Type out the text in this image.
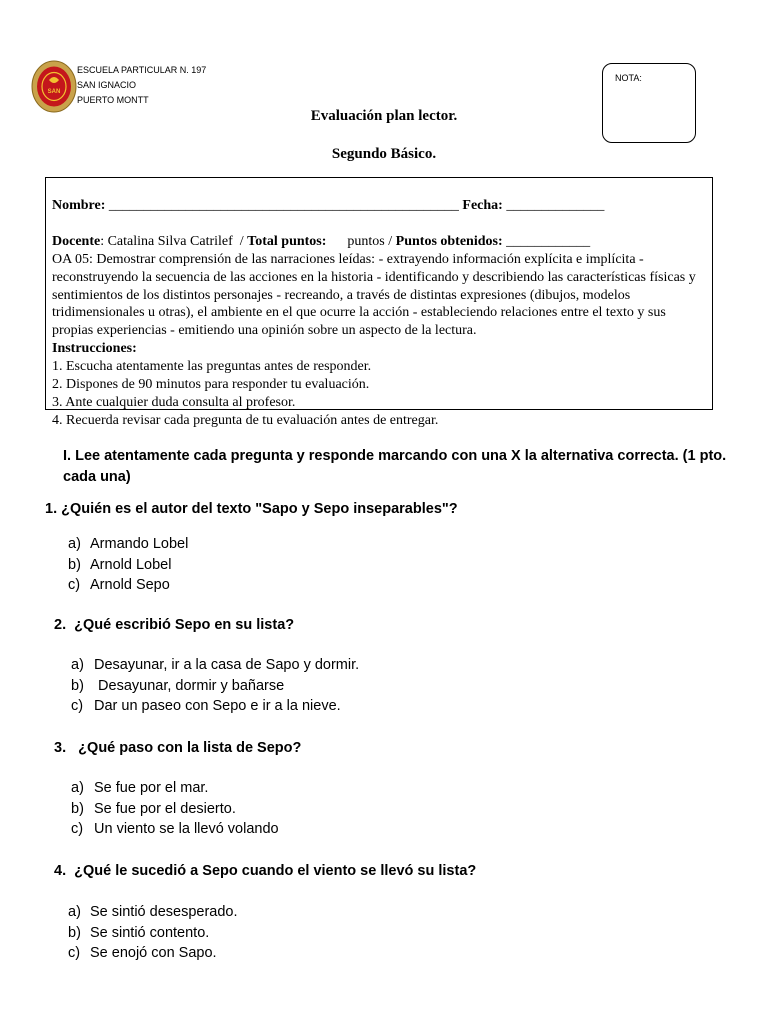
SAN
ESCUELA PARTICULAR N. 197
SAN IGNACIO
PUERTO MONTT
NOTA:
Evaluación plan lector.
Segundo Básico.

Nombre: __________________________________________________ Fecha: ______________

Docente: Catalina Silva Catrilef  / Total puntos:      puntos / Puntos obtenidos: ____________

OA 05: Demostrar comprensión de las narraciones leídas: - extrayendo información explícita e implícita - reconstruyendo la secuencia de las acciones en la historia - identificando y describiendo las características físicas y sentimientos de los distintos personajes - recreando, a través de distintas expresiones (dibujos, modelos tridimensionales u otras), el ambiente en el que ocurre la acción - estableciendo relaciones entre el texto y sus propias experiencias - emitiendo una opinión sobre un aspecto de la lectura.

Instrucciones:

1. Escucha atentamente las preguntas antes de responder.

2. Dispones de 90 minutos para responder tu evaluación.

3. Ante cualquier duda consulta al profesor.

4. Recuerda revisar cada pregunta de tu evaluación antes de entregar.

I. Lee atentamente cada pregunta y responde marcando con una X la alternativa correcta. (1 pto. cada una)
1. ¿Quién es el autor del texto "Sapo y Sepo inseparables"?
a) Armando Lobel
b) Arnold Lobel
c) Arnold Sepo
2.  ¿Qué escribió Sepo en su lista?
a) Desayunar, ir a la casa de Sapo y dormir.
b) Desayunar, dormir y bañarse
c) Dar un paseo con Sepo e ir a la nieve.
3.   ¿Qué paso con la lista de Sepo?
a) Se fue por el mar.
b) Se fue por el desierto.
c) Un viento se la llevó volando
4.  ¿Qué le sucedió a Sepo cuando el viento se llevó su lista?
a) Se sintió desesperado.
b) Se sintió contento.
c) Se enojó con Sapo.
